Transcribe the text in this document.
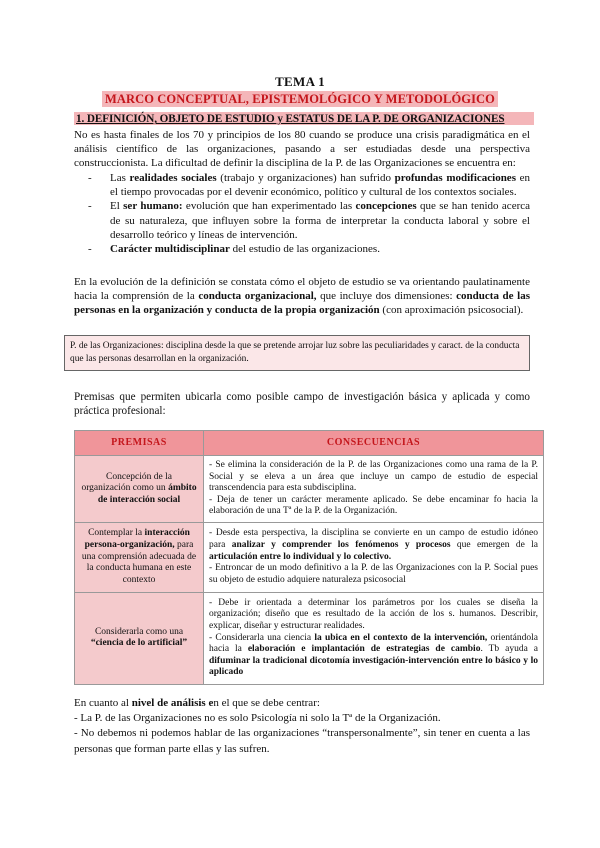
TEMA 1
MARCO CONCEPTUAL, EPISTEMOLÓGICO Y METODOLÓGICO
1. DEFINICIÓN, OBJETO DE ESTUDIO y ESTATUS DE LA P. DE ORGANIZACIONES
No es hasta finales de los 70 y principios de los 80 cuando se produce una crisis paradigmática en el análisis científico de las organizaciones, pasando a ser estudiadas desde una perspectiva construccionista. La dificultad de definir la disciplina de la P. de las Organizaciones se encuentra en:
-	Las realidades sociales (trabajo y organizaciones) han sufrido profundas modificaciones en el tiempo provocadas por el devenir económico, político y cultural de los contextos sociales.
-	El ser humano: evolución que han experimentado las concepciones que se han tenido acerca de su naturaleza, que influyen sobre la forma de interpretar la conducta laboral y sobre el desarrollo teórico y líneas de intervención.
-	Carácter multidisciplinar del estudio de las organizaciones.
En la evolución de la definición se constata cómo el objeto de estudio se va orientando paulatinamente hacia la comprensión de la conducta organizacional, que incluye dos dimensiones: conducta de las personas en la organización y conducta de la propia organización (con aproximación psicosocial).
P. de las Organizaciones: disciplina desde la que se pretende arrojar luz sobre las peculiaridades y caract. de la conducta que las personas desarrollan en la organización.
Premisas que permiten ubicarla como posible campo de investigación básica y aplicada y como práctica profesional:
PREMISAS	CONSECUENCIAS
Concepción de la organización como un ámbito de interacción social	- Se elimina la consideración de la P. de las Organizaciones como una rama de la P. Social y se eleva a un área que incluye un campo de estudio de especial transcendencia para esta subdisciplina.
- Deja de tener un carácter meramente aplicado. Se debe encaminar fo hacia la elaboración de una Tª de la P. de la Organización.

Contemplar la interacción persona-organización, para una comprensión adecuada de la conducta humana en este contexto	- Desde esta perspectiva, la disciplina se convierte en un campo de estudio idóneo para analizar y comprender los fenómenos y procesos que emergen de la articulación entre lo individual y lo colectivo.
- Entroncar de un modo definitivo a la P. de las Organizaciones con la P. Social pues su objeto de estudio adquiere naturaleza psicosocial

Considerarla como una “ciencia de lo artificial”	- Debe ir orientada a determinar los parámetros por los cuales se diseña la organización; diseño que es resultado de la acción de los s. humanos. Describir, explicar, diseñar y estructurar realidades.
- Considerarla una ciencia la ubica en el contexto de la intervención, orientándola hacia la elaboración e implantación de estrategias de cambio. Tb ayuda a difuminar la tradicional dicotomía investigación-intervención entre lo básico y lo aplicado
En cuanto al nivel de análisis en el que se debe centrar:
- La P. de las Organizaciones no es solo Psicología ni solo la Tª de la Organización.
- No debemos ni podemos hablar de las organizaciones “transpersonalmente”, sin tener en cuenta a las personas que forman parte ellas y las sufren.
